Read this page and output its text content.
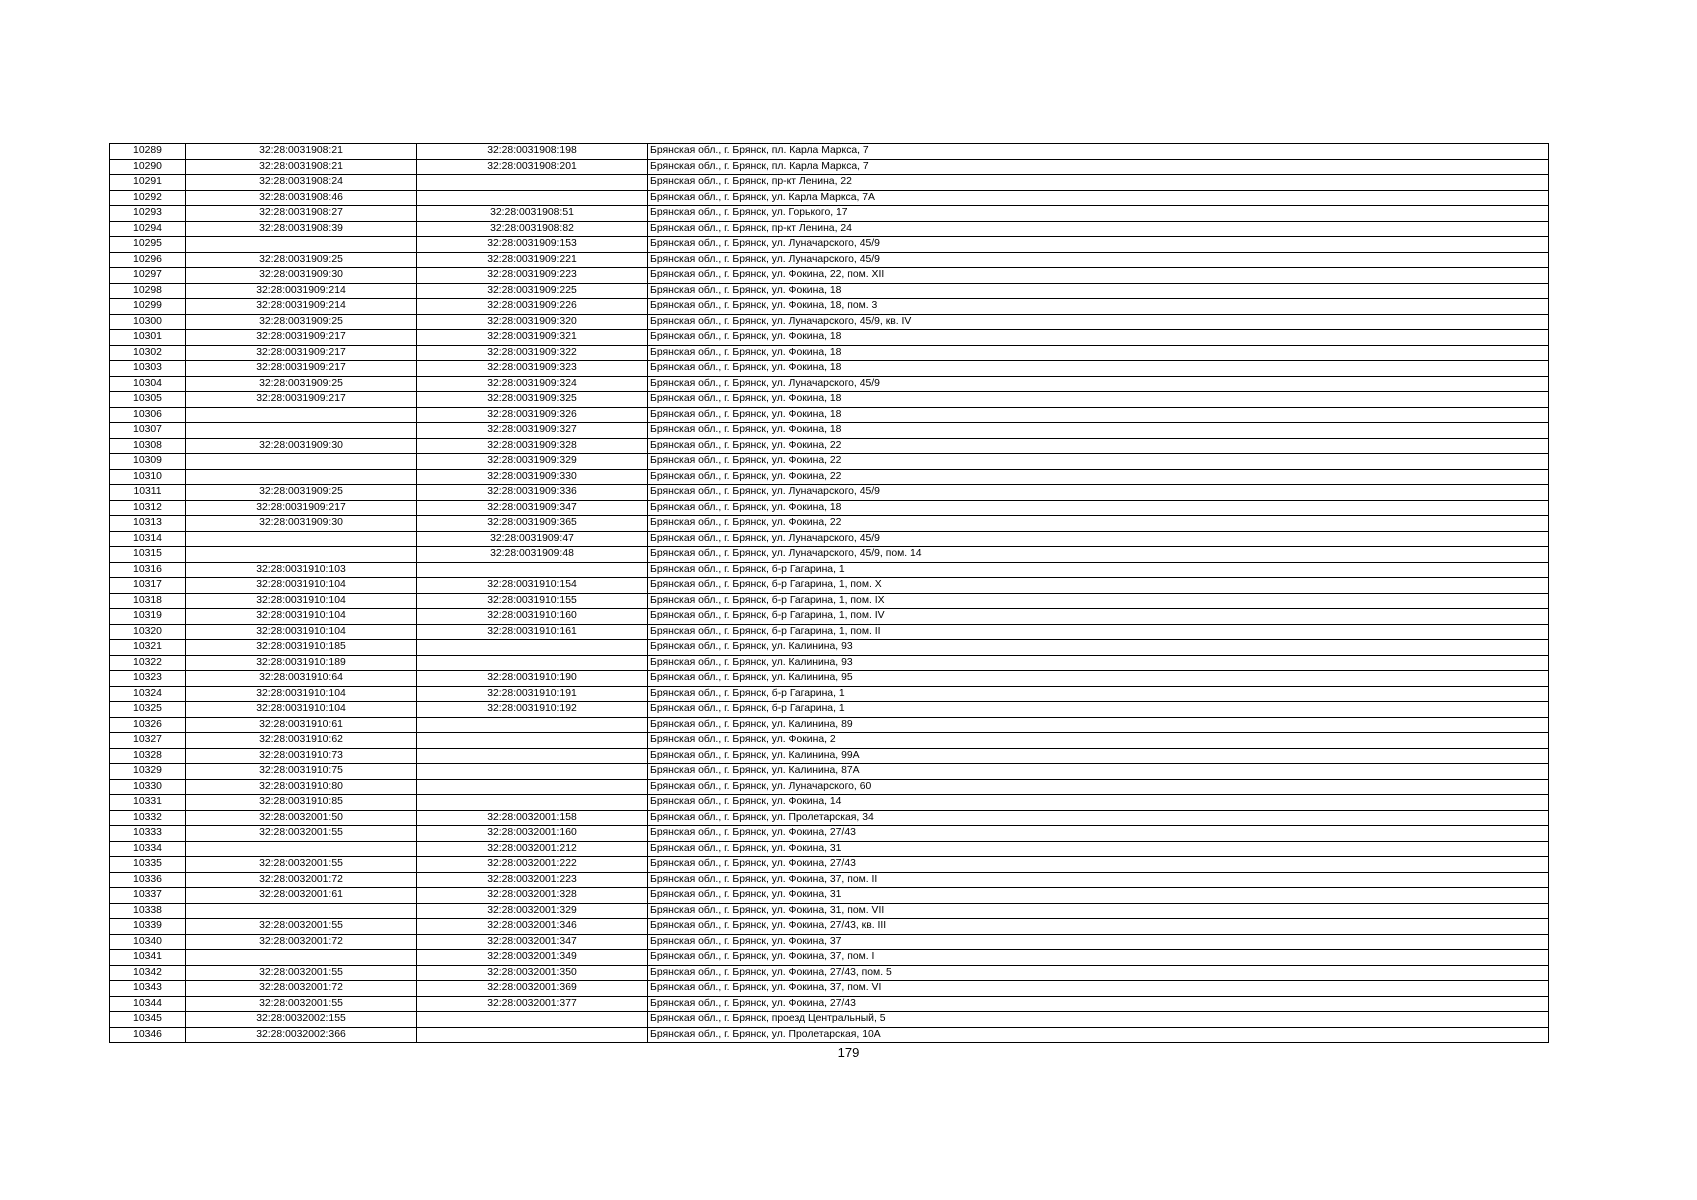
10289	32:28:0031908:21	32:28:0031908:198	Брянская обл., г. Брянск, пл. Карла Маркса, 7
10290	32:28:0031908:21	32:28:0031908:201	Брянская обл., г. Брянск, пл. Карла Маркса, 7
10291	32:28:0031908:24		Брянская обл., г. Брянск, пр-кт Ленина, 22
10292	32:28:0031908:46		Брянская обл., г. Брянск, ул. Карла Маркса, 7А
10293	32:28:0031908:27	32:28:0031908:51	Брянская обл., г. Брянск, ул. Горького, 17
10294	32:28:0031908:39	32:28:0031908:82	Брянская обл., г. Брянск, пр-кт Ленина, 24
10295		32:28:0031909:153	Брянская обл., г. Брянск, ул. Луначарского, 45/9
10296	32:28:0031909:25	32:28:0031909:221	Брянская обл., г. Брянск, ул. Луначарского, 45/9
10297	32:28:0031909:30	32:28:0031909:223	Брянская обл., г. Брянск, ул. Фокина, 22, пом. XII
10298	32:28:0031909:214	32:28:0031909:225	Брянская обл., г. Брянск, ул. Фокина, 18
10299	32:28:0031909:214	32:28:0031909:226	Брянская обл., г. Брянск, ул. Фокина, 18, пом. 3
10300	32:28:0031909:25	32:28:0031909:320	Брянская обл., г. Брянск, ул. Луначарского, 45/9, кв. IV
10301	32:28:0031909:217	32:28:0031909:321	Брянская обл., г. Брянск, ул. Фокина, 18
10302	32:28:0031909:217	32:28:0031909:322	Брянская обл., г. Брянск, ул. Фокина, 18
10303	32:28:0031909:217	32:28:0031909:323	Брянская обл., г. Брянск, ул. Фокина, 18
10304	32:28:0031909:25	32:28:0031909:324	Брянская обл., г. Брянск, ул. Луначарского, 45/9
10305	32:28:0031909:217	32:28:0031909:325	Брянская обл., г. Брянск, ул. Фокина, 18
10306		32:28:0031909:326	Брянская обл., г. Брянск, ул. Фокина, 18
10307		32:28:0031909:327	Брянская обл., г. Брянск, ул. Фокина, 18
10308	32:28:0031909:30	32:28:0031909:328	Брянская обл., г. Брянск, ул. Фокина, 22
10309		32:28:0031909:329	Брянская обл., г. Брянск, ул. Фокина, 22
10310		32:28:0031909:330	Брянская обл., г. Брянск, ул. Фокина, 22
10311	32:28:0031909:25	32:28:0031909:336	Брянская обл., г. Брянск, ул. Луначарского, 45/9
10312	32:28:0031909:217	32:28:0031909:347	Брянская обл., г. Брянск, ул. Фокина, 18
10313	32:28:0031909:30	32:28:0031909:365	Брянская обл., г. Брянск, ул. Фокина, 22
10314		32:28:0031909:47	Брянская обл., г. Брянск, ул. Луначарского, 45/9
10315		32:28:0031909:48	Брянская обл., г. Брянск, ул. Луначарского, 45/9, пом. 14
10316	32:28:0031910:103		Брянская обл., г. Брянск, б-р Гагарина, 1
10317	32:28:0031910:104	32:28:0031910:154	Брянская обл., г. Брянск, б-р Гагарина, 1, пом. X
10318	32:28:0031910:104	32:28:0031910:155	Брянская обл., г. Брянск, б-р Гагарина, 1, пом. IX
10319	32:28:0031910:104	32:28:0031910:160	Брянская обл., г. Брянск, б-р Гагарина, 1, пом. IV
10320	32:28:0031910:104	32:28:0031910:161	Брянская обл., г. Брянск, б-р Гагарина, 1, пом. II
10321	32:28:0031910:185		Брянская обл., г. Брянск, ул. Калинина, 93
10322	32:28:0031910:189		Брянская обл., г. Брянск, ул. Калинина, 93
10323	32:28:0031910:64	32:28:0031910:190	Брянская обл., г. Брянск, ул. Калинина, 95
10324	32:28:0031910:104	32:28:0031910:191	Брянская обл., г. Брянск, б-р Гагарина, 1
10325	32:28:0031910:104	32:28:0031910:192	Брянская обл., г. Брянск, б-р Гагарина, 1
10326	32:28:0031910:61		Брянская обл., г. Брянск, ул. Калинина, 89
10327	32:28:0031910:62		Брянская обл., г. Брянск, ул. Фокина, 2
10328	32:28:0031910:73		Брянская обл., г. Брянск, ул. Калинина, 99А
10329	32:28:0031910:75		Брянская обл., г. Брянск, ул. Калинина, 87А
10330	32:28:0031910:80		Брянская обл., г. Брянск, ул. Луначарского, 60
10331	32:28:0031910:85		Брянская обл., г. Брянск, ул. Фокина, 14
10332	32:28:0032001:50	32:28:0032001:158	Брянская обл., г. Брянск, ул. Пролетарская, 34
10333	32:28:0032001:55	32:28:0032001:160	Брянская обл., г. Брянск, ул. Фокина, 27/43
10334		32:28:0032001:212	Брянская обл., г. Брянск, ул. Фокина, 31
10335	32:28:0032001:55	32:28:0032001:222	Брянская обл., г. Брянск, ул. Фокина, 27/43
10336	32:28:0032001:72	32:28:0032001:223	Брянская обл., г. Брянск, ул. Фокина, 37, пом. II
10337	32:28:0032001:61	32:28:0032001:328	Брянская обл., г. Брянск, ул. Фокина, 31
10338		32:28:0032001:329	Брянская обл., г. Брянск, ул. Фокина, 31, пом. VII
10339	32:28:0032001:55	32:28:0032001:346	Брянская обл., г. Брянск, ул. Фокина, 27/43, кв. III
10340	32:28:0032001:72	32:28:0032001:347	Брянская обл., г. Брянск, ул. Фокина, 37
10341		32:28:0032001:349	Брянская обл., г. Брянск, ул. Фокина, 37, пом. I
10342	32:28:0032001:55	32:28:0032001:350	Брянская обл., г. Брянск, ул. Фокина, 27/43, пом. 5
10343	32:28:0032001:72	32:28:0032001:369	Брянская обл., г. Брянск, ул. Фокина, 37, пом. VI
10344	32:28:0032001:55	32:28:0032001:377	Брянская обл., г. Брянск, ул. Фокина, 27/43
10345	32:28:0032002:155		Брянская обл., г. Брянск, проезд Центральный, 5
10346	32:28:0032002:366		Брянская обл., г. Брянск, ул. Пролетарская, 10А
179
